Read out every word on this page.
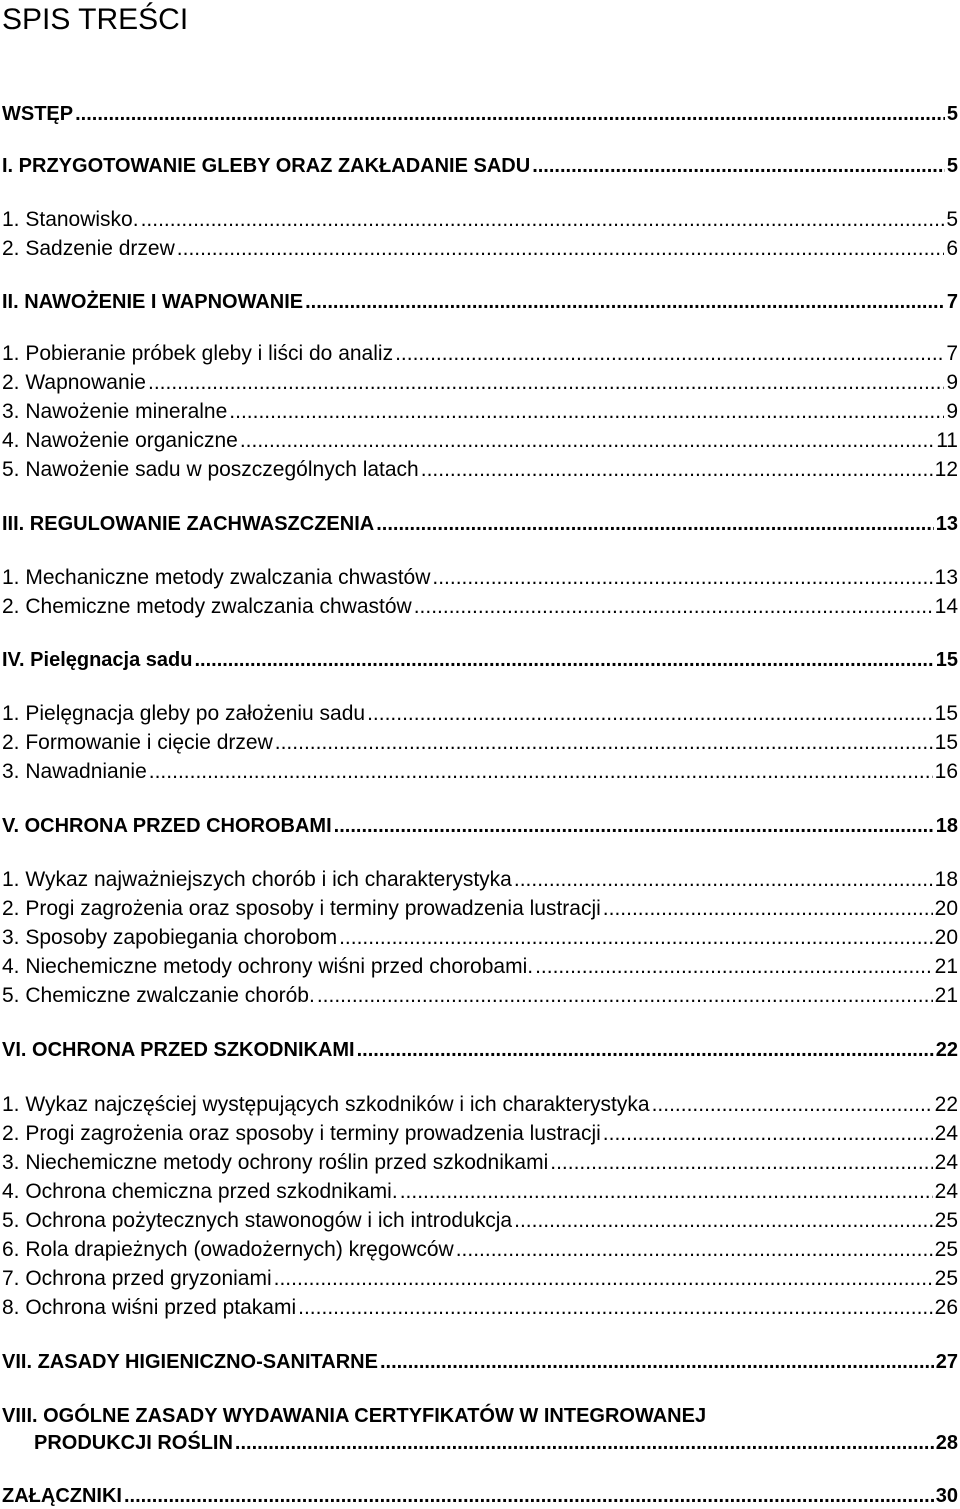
SPIS TREŚCI
WSTĘP .....	5
I. PRZYGOTOWANIE GLEBY ORAZ ZAKŁADANIE SADU .....	5
1. Stanowisko. .....	5
2. Sadzenie drzew .....	6
II. NAWOŻENIE I WAPNOWANIE .....	7
1. Pobieranie próbek gleby i liści do analiz .....	7
2. Wapnowanie .....	9
3. Nawożenie mineralne .....	9
4. Nawożenie organiczne .....	11
5. Nawożenie sadu w poszczególnych latach .....	12
III. REGULOWANIE ZACHWASZCZENIA .....	13
1. Mechaniczne metody zwalczania chwastów .....	13
2. Chemiczne metody zwalczania chwastów .....	14
IV. Pielęgnacja sadu .....	15
1. Pielęgnacja gleby po założeniu sadu .....	15
2. Formowanie i cięcie drzew .....	15
3. Nawadnianie .....	16
V. OCHRONA PRZED CHOROBAMI .....	18
1. Wykaz najważniejszych chorób i ich charakterystyka .....	18
2. Progi zagrożenia oraz sposoby i terminy prowadzenia lustracji .....	20
3. Sposoby zapobiegania chorobom .....	20
4. Niechemiczne metody ochrony wiśni przed chorobami. .....	21
5. Chemiczne zwalczanie chorób. .....	21
VI. OCHRONA PRZED SZKODNIKAMI .....	22
1. Wykaz najczęściej występujących szkodników i ich charakterystyka .....	22
2. Progi zagrożenia oraz sposoby i terminy prowadzenia lustracji .....	24
3. Niechemiczne metody ochrony roślin przed szkodnikami .....	24
4. Ochrona chemiczna przed szkodnikami. .....	24
5. Ochrona pożytecznych stawonogów i ich introdukcja .....	25
6. Rola drapieżnych (owadożernych) kręgowców .....	25
7. Ochrona przed gryzoniami .....	25
8. Ochrona wiśni przed ptakami .....	26
VII. ZASADY HIGIENICZNO-SANITARNE .....	27
VIII. OGÓLNE ZASADY WYDAWANIA CERTYFIKATÓW W INTEGROWANEJ
PRODUKCJI ROŚLIN .....	28
ZAŁĄCZNIKI .....	30
